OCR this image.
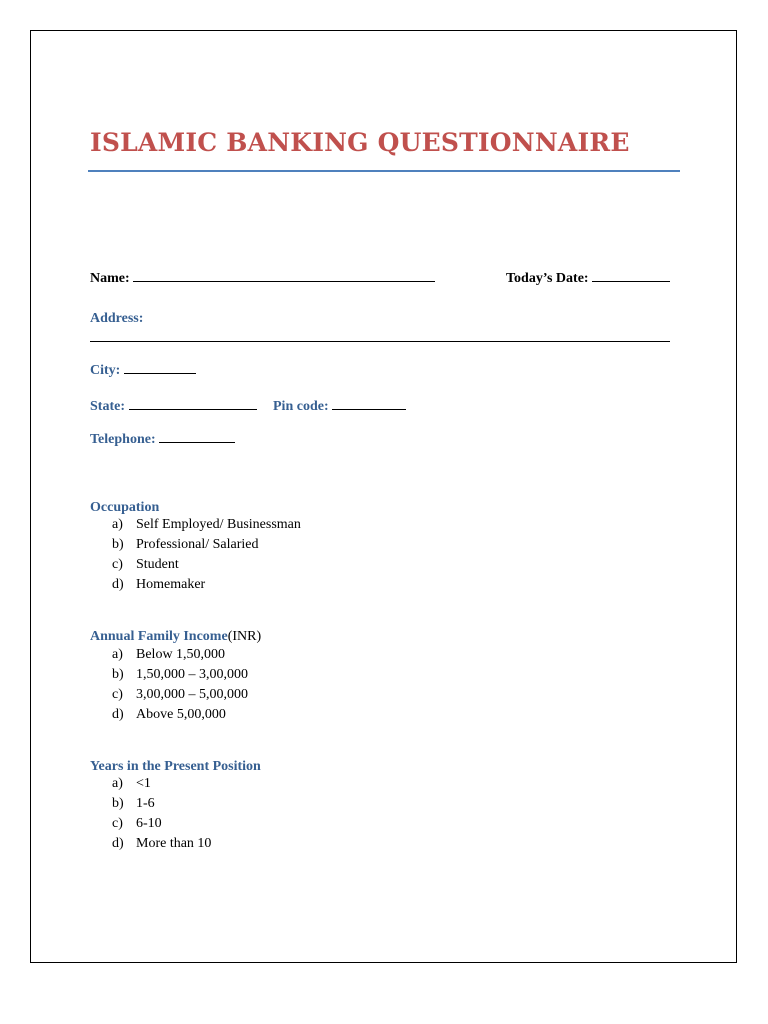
ISLAMIC BANKING QUESTIONNAIRE
Name:	Today’s Date:
Address:
City:
State:	Pin code:
Telephone:
Occupation
a) Self Employed/ Businessman
b) Professional/ Salaried
c) Student
d) Homemaker
Annual Family Income(INR)
a) Below 1,50,000
b) 1,50,000 – 3,00,000
c) 3,00,000 – 5,00,000
d) Above 5,00,000
Years in the Present Position
a) <1
b) 1-6
c) 6-10
d) More than 10
